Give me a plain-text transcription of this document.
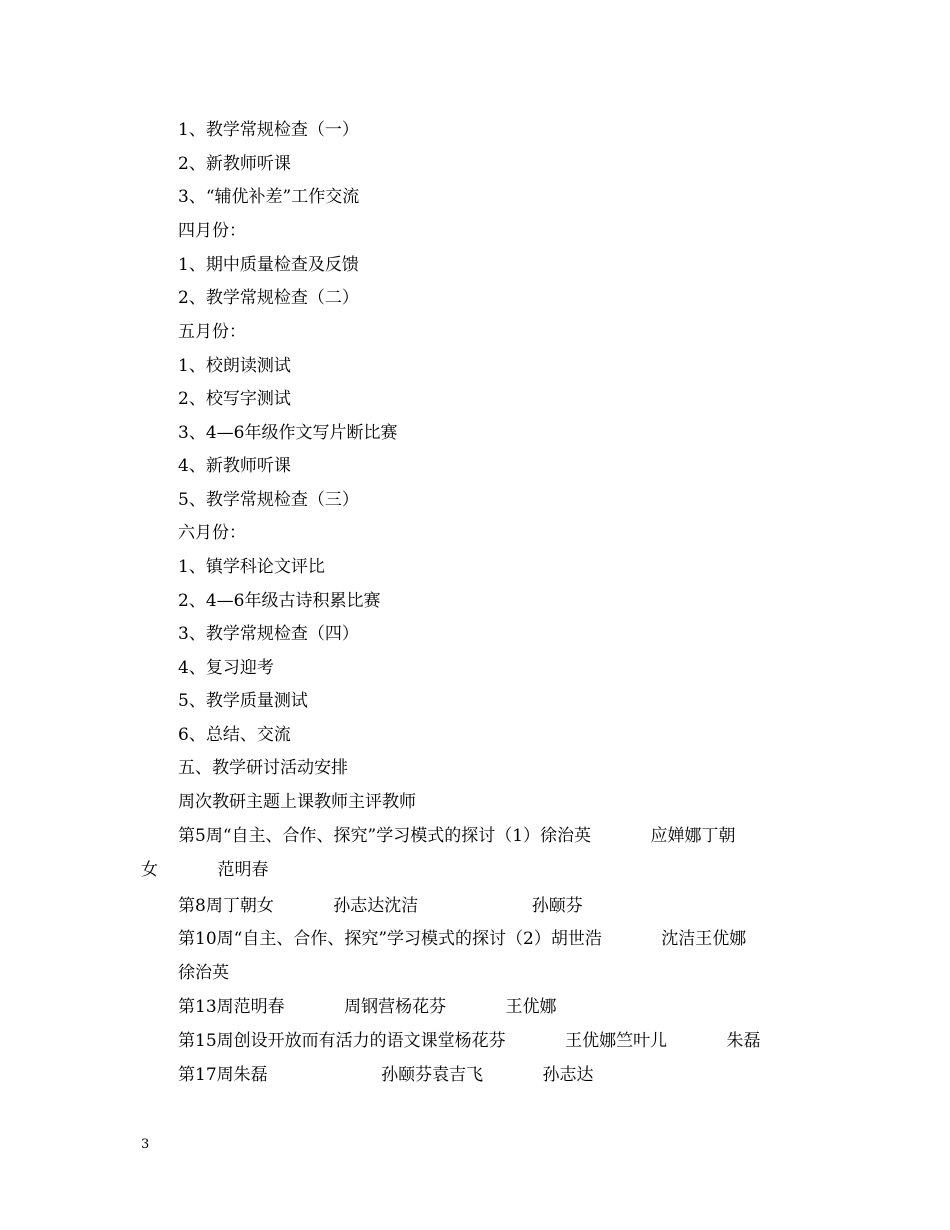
1、教学常规检查（一）
2、新教师听课
3、“辅优补差”工作交流
四月份：
1、期中质量检查及反馈
2、教学常规检查（二）
五月份：
1、校朗读测试
2、校写字测试
3、4—6年级作文写片断比赛
4、新教师听课
5、教学常规检查（三）
六月份：
1、镇学科论文评比
2、4—6年级古诗积累比赛
3、教学常规检查（四）
4、复习迎考
5、教学质量测试
6、总结、交流
五、教学研讨活动安排
周次教研主题上课教师主评教师
第5周“自主、合作、探究”学习模式的探讨（1）徐治英           应婵娜丁朝
女           范明春
第8周丁朝女           孙志达沈洁                     孙颐芬
第10周“自主、合作、探究”学习模式的探讨（2）胡世浩           沈洁王优娜
徐治英
第13周范明春           周钢营杨花芬           王优娜
第15周创设开放而有活力的语文课堂杨花芬           王优娜竺叶儿           朱磊
第17周朱磊                     孙颐芬袁吉飞           孙志达
3
